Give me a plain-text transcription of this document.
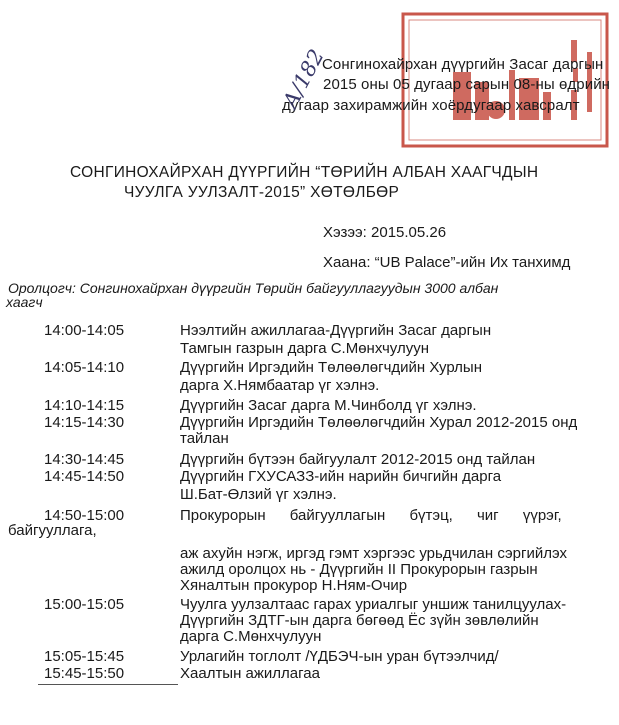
Сонгинохайрхан дүүргийн Засаг даргын
2015 оны 05 дугаар сарын 08-ны өдрийн
дугаар захирамжийн хоёрдугаар хавсралт
А/182
СОНГИНОХАЙРХАН ДҮҮРГИЙН “ТӨРИЙН АЛБАН ХААГЧДЫН
ЧУУЛГА УУЛЗАЛТ-2015” ХӨТӨЛБӨР
Хэзээ: 2015.05.26
Хаана: “UB Palace”-ийн Их танхимд
Оролцогч: Сонгинохайрхан дүүргийн Төрийн байгууллагуудын 3000 албан
хаагч
14:00-14:05	Нээлтийн ажиллагаа-Дүүргийн Засаг даргын
Тамгын газрын дарга С.Мөнхчулуун
14:05-14:10	Дүүргийн Иргэдийн Төлөөлөгчдийн Хурлын
дарга Х.Нямбаатар үг хэлнэ.
14:10-14:15	Дүүргийн Засаг дарга М.Чинболд үг хэлнэ.
14:15-14:30	Дүүргийн Иргэдийн Төлөөлөгчдийн Хурал 2012-2015 онд
тайлан
14:30-14:45	Дүүргийн бүтээн байгуулалт 2012-2015 онд тайлан
14:45-14:50	Дүүргийн ГХУСАЗЗ-ийн нарийн бичгийн дарга
Ш.Бат-Өлзий үг хэлнэ.
14:50-15:00	Прокурорын байгууллагын бүтэц, чиг үүрэг,
байгууллага,
аж ахуйн нэгж, иргэд гэмт хэргээс урьдчилан сэргийлэх
ажилд оролцох нь - Дүүргийн II Прокурорын газрын
Хяналтын прокурор Н.Ням-Очир
15:00-15:05	Чуулга уулзалтаас гарах уриалгыг уншиж танилцуулах-
Дүүргийн ЗДТГ-ын дарга бөгөөд Ёс зүйн зөвлөлийн
дарга С.Мөнхчулуун
15:05-15:45	Урлагийн тоглолт /ҮДБЭЧ-ын уран бүтээлчид/
15:45-15:50	Хаалтын ажиллагаа
